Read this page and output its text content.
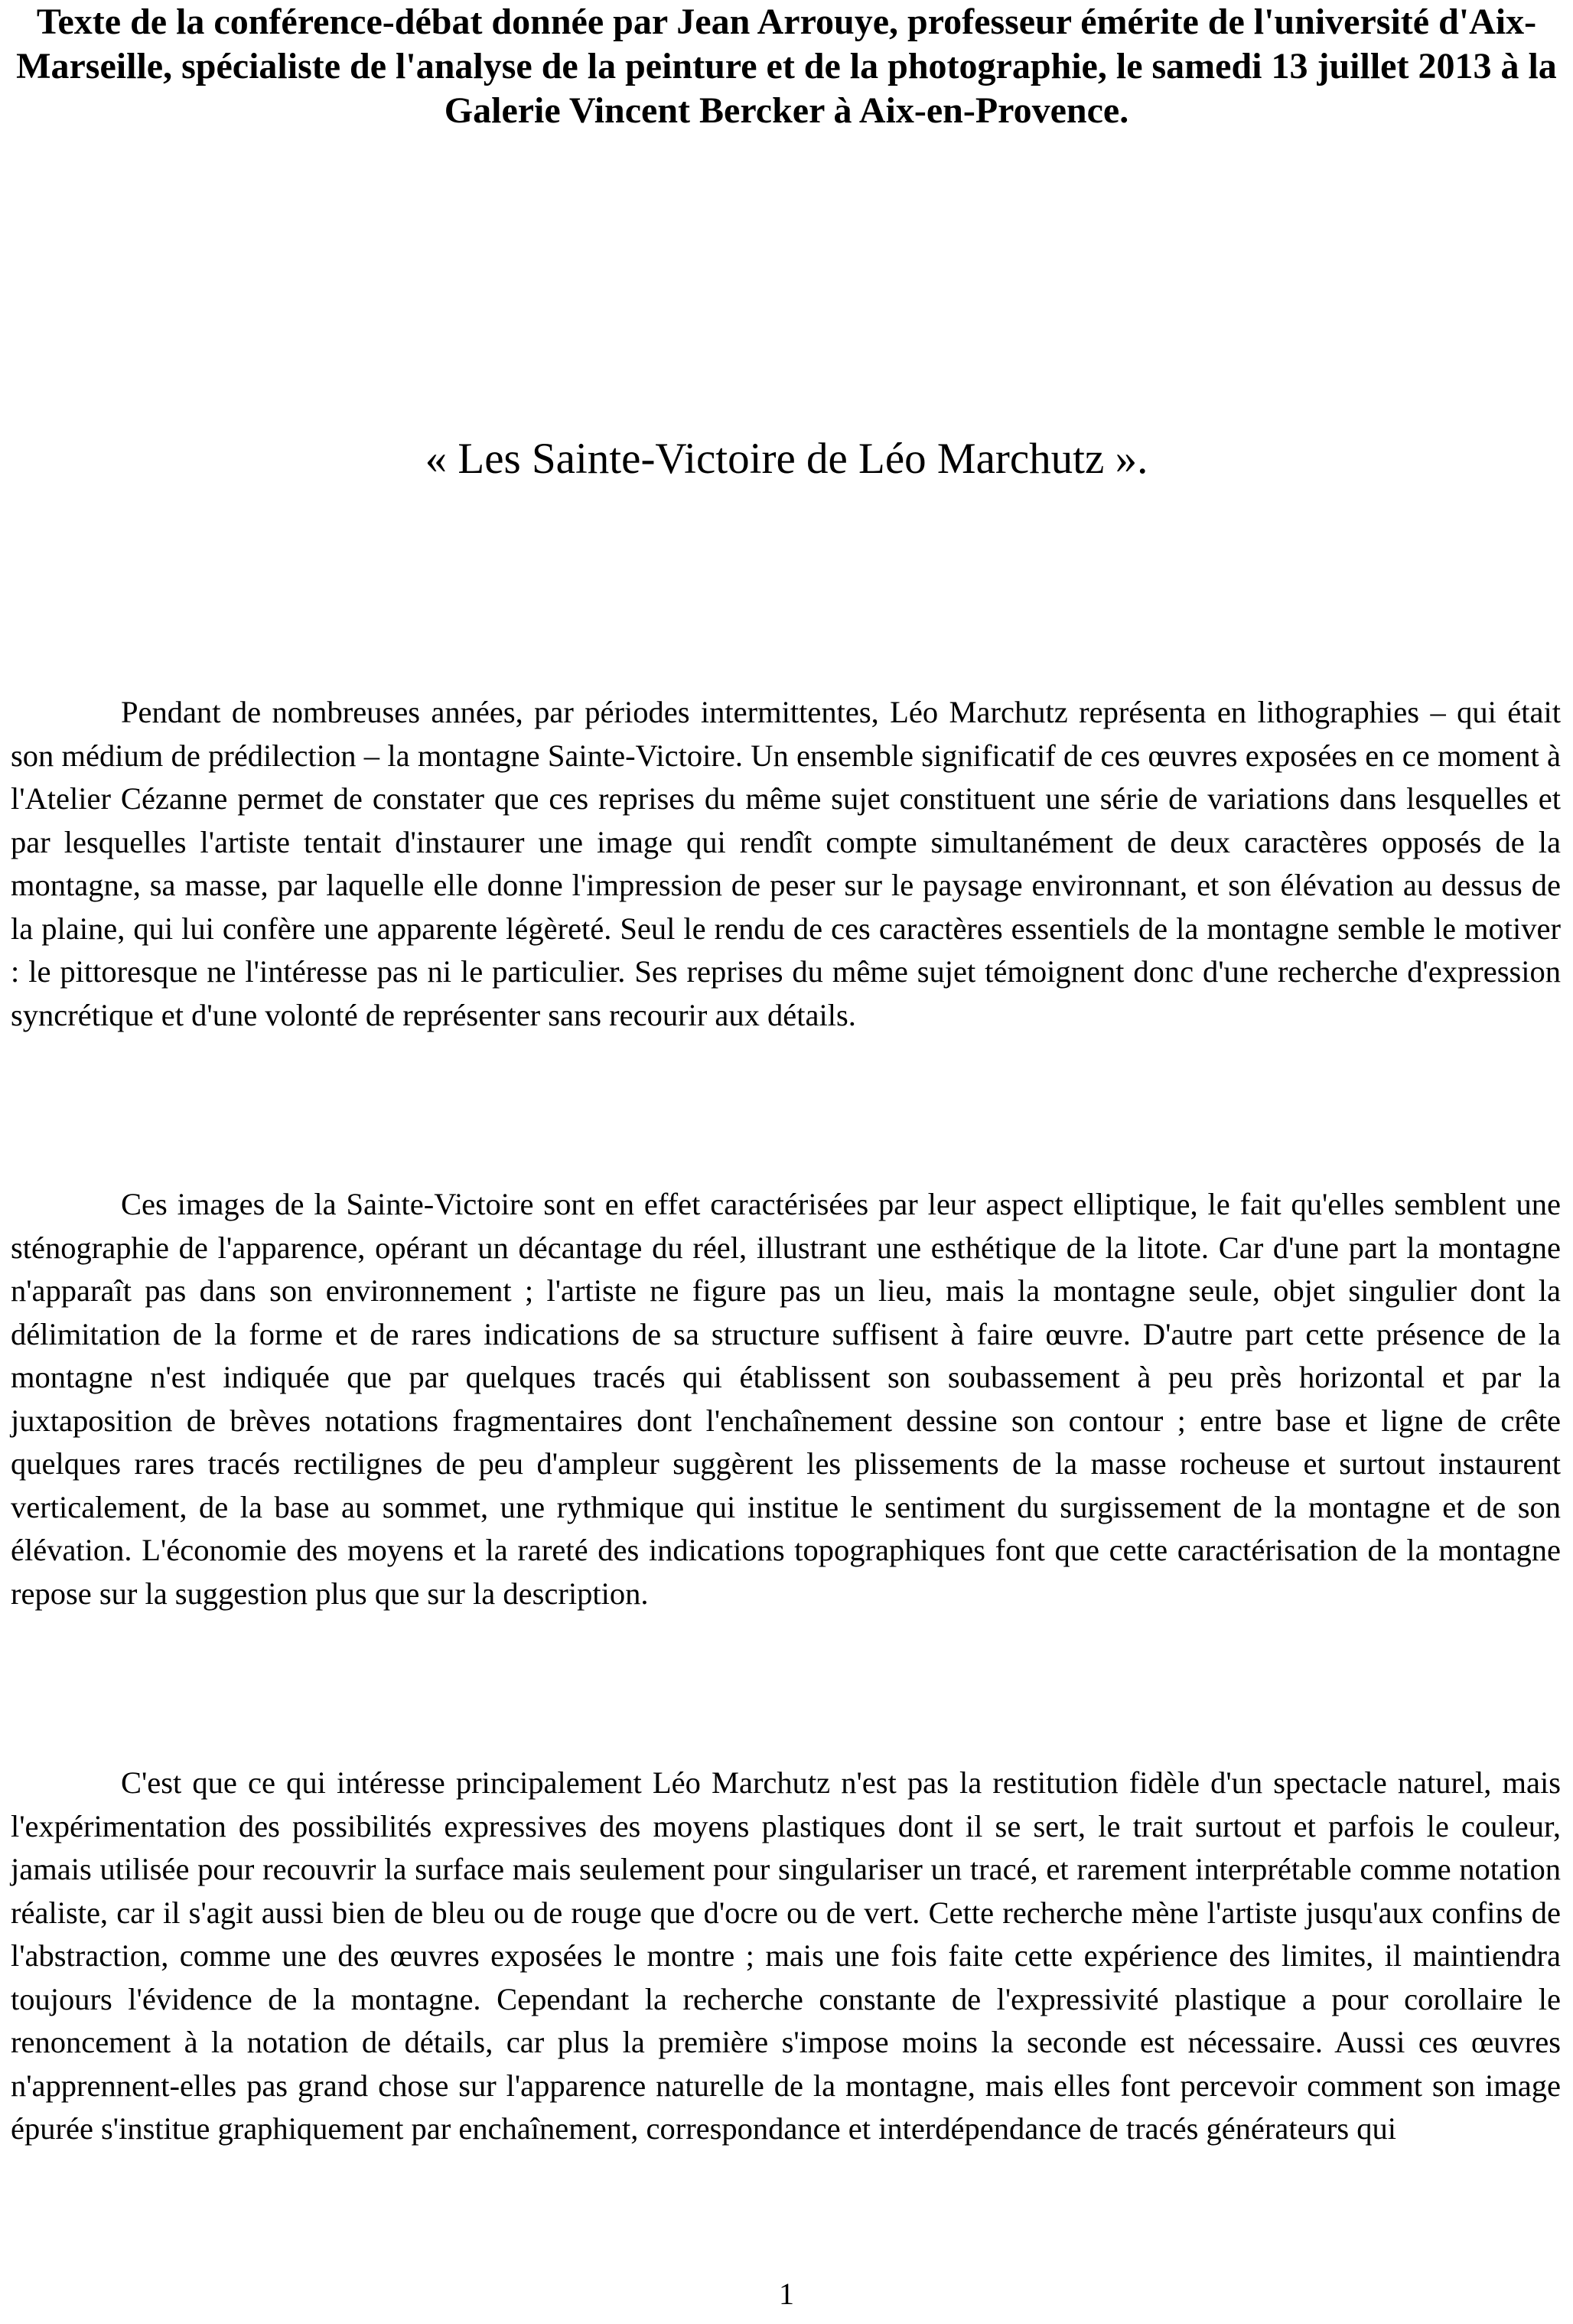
Texte de la conférence-débat donnée par Jean Arrouye, professeur émérite de l'université d'Aix-Marseille, spécialiste de l'analyse de la peinture et de la photographie, le samedi 13 juillet 2013 à la Galerie Vincent Bercker à Aix-en-Provence.

« Les Sainte-Victoire de Léo Marchutz ».

Pendant de nombreuses années, par périodes intermittentes, Léo Marchutz représenta en lithographies – qui était son médium de prédilection – la montagne Sainte-Victoire. Un ensemble significatif de ces œuvres exposées en ce moment à l'Atelier Cézanne permet de constater que ces reprises du même sujet constituent une série de variations dans lesquelles et par lesquelles l'artiste tentait d'instaurer une image qui rendît compte simultanément de deux caractères opposés de la montagne, sa masse, par laquelle elle donne l'impression de peser sur le paysage environnant, et son élévation au dessus de la plaine, qui lui confère une apparente légèreté. Seul le rendu de ces caractères essentiels de la montagne semble le motiver : le pittoresque ne l'intéresse pas ni le particulier. Ses reprises du même sujet témoignent donc d'une recherche d'expression syncrétique et d'une volonté de représenter sans recourir aux détails.

Ces images de la Sainte-Victoire sont en effet caractérisées par leur aspect elliptique, le fait qu'elles semblent une sténographie de l'apparence, opérant un décantage du réel, illustrant une esthétique de la litote. Car d'une part la montagne n'apparaît pas dans son environnement ; l'artiste ne figure pas un lieu, mais la montagne seule, objet singulier dont la délimitation de la forme et de rares indications de sa structure suffisent à faire œuvre. D'autre part cette présence de la montagne n'est indiquée que par quelques tracés qui établissent son soubassement à peu près horizontal et par la juxtaposition de brèves notations fragmentaires dont l'enchaînement dessine son contour ; entre base et ligne de crête quelques rares tracés rectilignes de peu d'ampleur suggèrent les plissements de la masse rocheuse et surtout instaurent verticalement, de la base au sommet, une rythmique qui institue le sentiment du surgissement de la montagne et de son élévation. L'économie des moyens et la rareté des indications topographiques font que cette caractérisation de la montagne repose sur la suggestion plus que sur la description.

C'est que ce qui intéresse principalement Léo Marchutz n'est pas la restitution fidèle d'un spectacle naturel, mais l'expérimentation des possibilités expressives des moyens plastiques dont il se sert, le trait surtout et parfois le couleur, jamais utilisée pour recouvrir la surface mais seulement pour singulariser un tracé, et rarement interprétable comme notation réaliste, car il s'agit aussi bien de bleu ou de rouge que d'ocre ou de vert. Cette recherche mène l'artiste jusqu'aux confins de l'abstraction, comme une des œuvres exposées le montre ; mais une fois faite cette expérience des limites, il maintiendra toujours l'évidence de la montagne. Cependant la recherche constante de l'expressivité plastique a pour corollaire le renoncement à la notation de détails, car plus la première s'impose moins la seconde est nécessaire. Aussi ces œuvres n'apprennent-elles pas grand chose sur l'apparence naturelle de la montagne, mais elles font percevoir comment son image épurée s'institue graphiquement par enchaînement, correspondance et interdépendance de tracés générateurs qui

1
